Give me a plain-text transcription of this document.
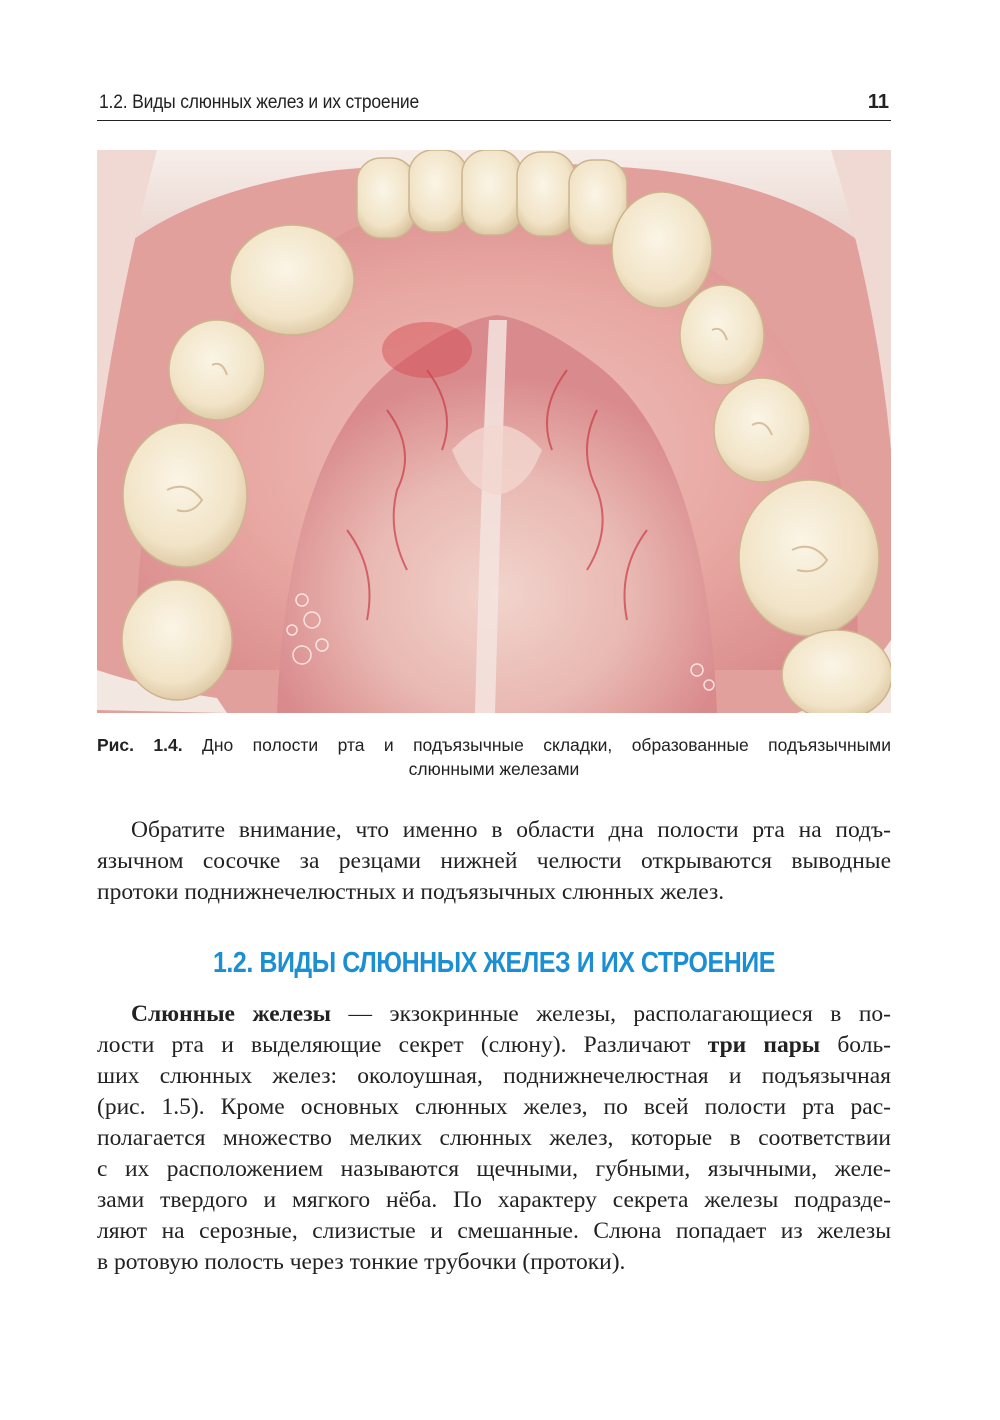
1.2. Виды слюнных желез и их строение	11
Рис. 1.4. Дно полости рта и подъязычные складки, образованные подъязычными
слюнными железами
Обратите внимание, что именно в области дна полости рта на подъ-
язычном сосочке за резцами нижней челюсти открываются выводные
протоки поднижнечелюстных и подъязычных слюнных желез.
1.2. ВИДЫ СЛЮННЫХ ЖЕЛЕЗ И ИХ СТРОЕНИЕ
Слюнные железы — экзокринные железы, располагающиеся в по-
лости рта и выделяющие секрет (слюну). Различают три пары боль-
ших слюнных желез: околоушная, поднижнечелюстная и подъязычная
(рис. 1.5). Кроме основных слюнных желез, по всей полости рта рас-
полагается множество мелких слюнных желез, которые в соответствии
с их расположением называются щечными, губными, язычными, желе-
зами твердого и мягкого нёба. По характеру секрета железы подразде-
ляют на серозные, слизистые и смешанные. Слюна попадает из железы
в ротовую полость через тонкие трубочки (протоки).
